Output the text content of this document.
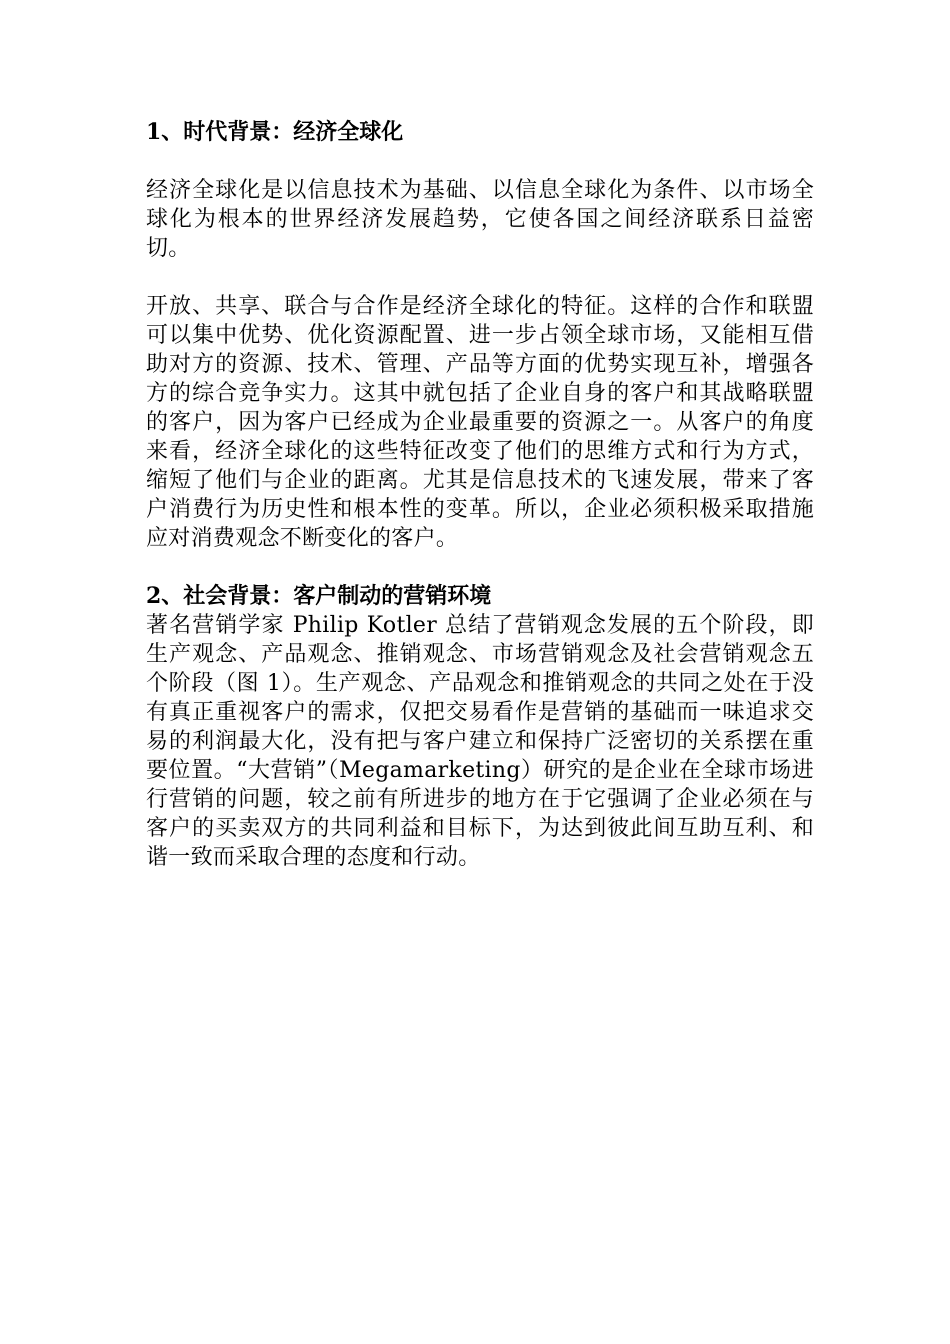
1、时代背景：经济全球化

经济全球化是以信息技术为基础、以信息全球化为条件、以市场全球化为根本的世界经济发展趋势，它使各国之间经济联系日益密切。

开放、共享、联合与合作是经济全球化的特征。这样的合作和联盟可以集中优势、优化资源配置、进一步占领全球市场，又能相互借助对方的资源、技术、管理、产品等方面的优势实现互补，增强各方的综合竞争实力。这其中就包括了企业自身的客户和其战略联盟的客户，因为客户已经成为企业最重要的资源之一。从客户的角度来看，经济全球化的这些特征改变了他们的思维方式和行为方式，缩短了他们与企业的距离。尤其是信息技术的飞速发展，带来了客户消费行为历史性和根本性的变革。所以，企业必须积极采取措施应对消费观念不断变化的客户。

2、社会背景：客户制动的营销环境

著名营销学家 Philip Kotler 总结了营销观念发展的五个阶段，即生产观念、产品观念、推销观念、市场营销观念及社会营销观念五个阶段（图 1）。生产观念、产品观念和推销观念的共同之处在于没有真正重视客户的需求，仅把交易看作是营销的基础而一味追求交易的利润最大化，没有把与客户建立和保持广泛密切的关系摆在重要位置。“大营销”（Megamarketing）研究的是企业在全球市场进行营销的问题，较之前有所进步的地方在于它强调了企业必须在与客户的买卖双方的共同利益和目标下，为达到彼此间互助互利、和谐一致而采取合理的态度和行动。
